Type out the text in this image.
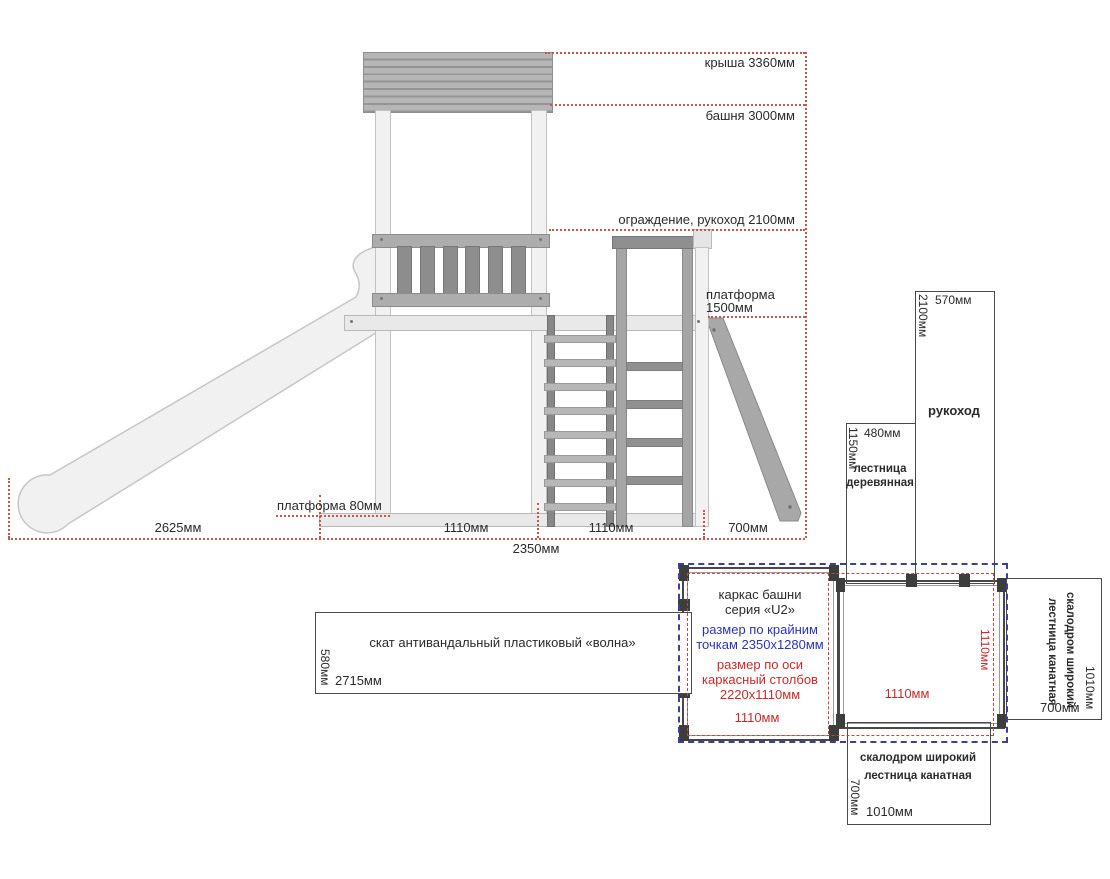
крыша 3360мм
башня 3000мм
ограждение, рукоход 2100мм
платформа
1500мм
платформа 80мм
2625мм	1110мм	1110мм	700мм
2350мм
2100мм 570мм
рукоход
1150мм 480мм
лестница
деревянная
каркас башни
серия «U2»
размер по крайним
точкам 2350х1280мм
размер по оси
каркасный столбов
2220х1110мм
1110мм
1110мм
1110мм	скалодром широкий
лестница канатная 1010мм
700мм
скалодром широкий
лестница канатная
700мм 1010мм
скат антивандальный пластиковый «волна»
580мм 2715мм
